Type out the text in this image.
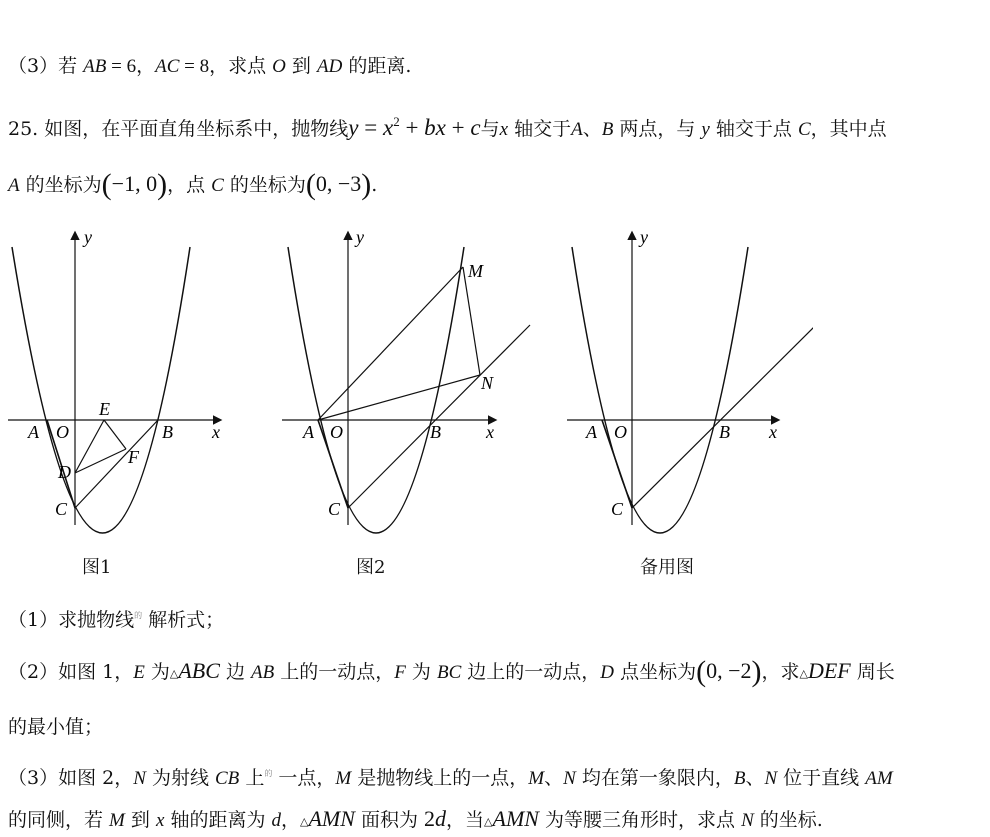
（3）若 AB = 6，AC = 8，求点 O 到 AD 的距离.
25. 如图，在平面直角坐标系中，抛物线$y = x^2$ + bx + c与x 轴交于A、B 两点，与 y 轴交于点 C，其中点
A 的坐标为(−1, 0)，点 C 的坐标为(0, −3).
y
x
A O	B
C
D
E
F
图1
y
x
A O	B
C
M
N
图2
y
x
A O	B
C
备用图
（1）求抛物线$^的$ 解析式；
（2）如图 1，E 为△ABC 边 AB 上的一动点，F 为 BC 边上的一动点，D 点坐标为(0, −2)，求△DEF 周长
的最小值；
（3）如图 2，N 为射线 CB 上$^的$ 一点，M 是抛物线上的一点，M、N 均在第一象限内，B、N 位于直线 AM
的同侧，若 M 到 x 轴的距离为 d，△AMN 面积为 2d，当△AMN 为等腰三角形时，求点 N 的坐标.
